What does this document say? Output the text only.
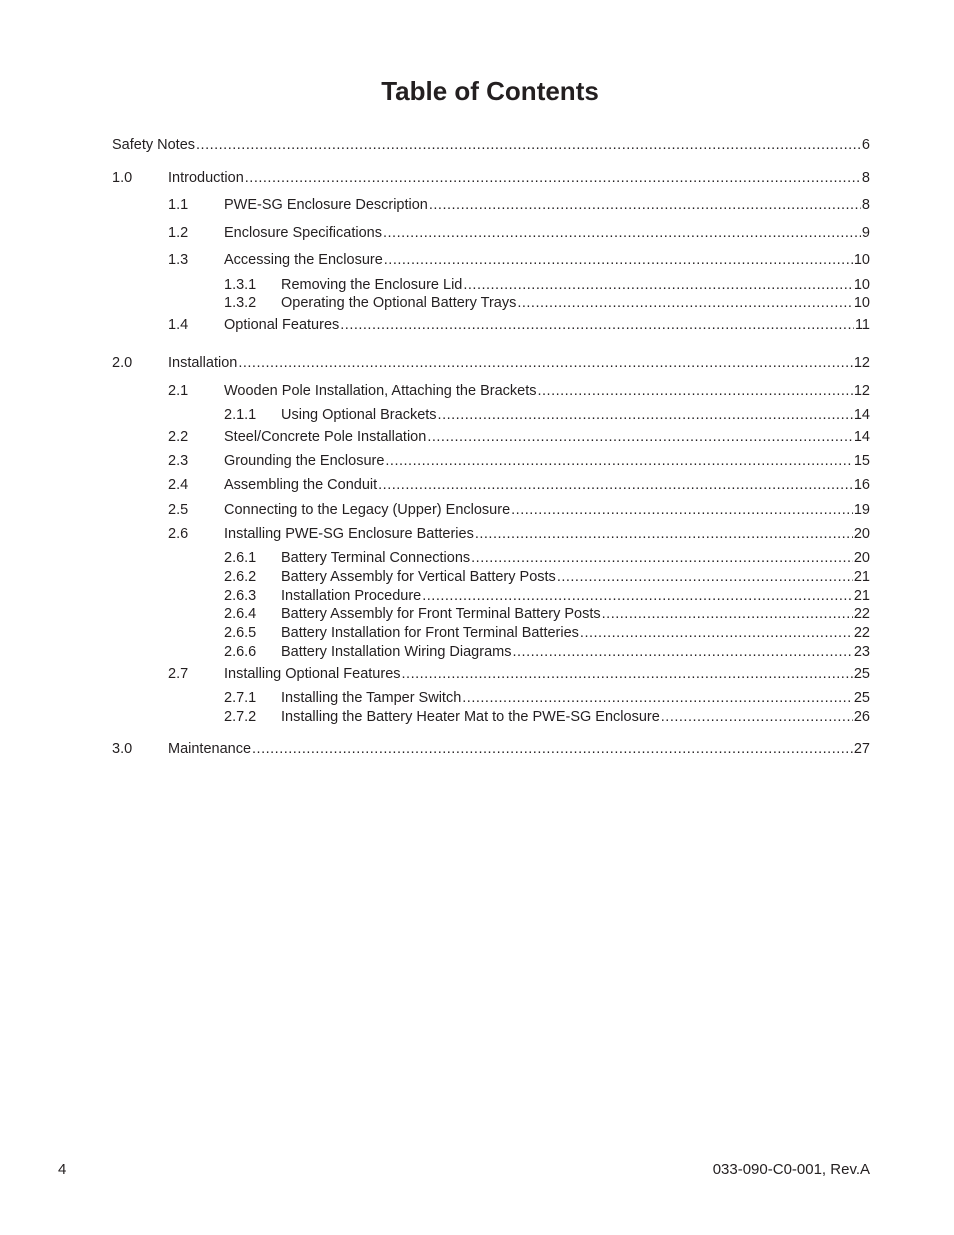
Table of Contents
Safety Notes .....	6
1.0 Introduction .....	8
1.1 PWE-SG Enclosure Description .....	8
1.2 Enclosure Specifications .....	9
1.3 Accessing the Enclosure .....	10
1.3.1 Removing the Enclosure Lid .....	10
1.3.2 Operating the Optional Battery Trays .....	10
1.4 Optional Features .....	11
2.0 Installation .....	12
2.1 Wooden Pole Installation, Attaching the Brackets .....	12
2.1.1 Using Optional Brackets .....	14
2.2 Steel/Concrete Pole Installation .....	14
2.3 Grounding the Enclosure .....	15
2.4 Assembling the Conduit .....	16
2.5 Connecting to the Legacy (Upper) Enclosure .....	19
2.6 Installing PWE-SG Enclosure Batteries .....	20
2.6.1 Battery Terminal Connections .....	20
2.6.2 Battery Assembly for Vertical Battery Posts .....	21
2.6.3 Installation Procedure .....	21
2.6.4 Battery Assembly for Front Terminal Battery Posts .....	22
2.6.5 Battery Installation for Front Terminal Batteries .....	22
2.6.6 Battery Installation Wiring Diagrams .....	23
2.7 Installing Optional Features .....	25
2.7.1 Installing the Tamper Switch .....	25
2.7.2 Installing the Battery Heater Mat to the PWE-SG Enclosure .....	26
3.0 Maintenance .....	27
4	033-090-C0-001, Rev.A
